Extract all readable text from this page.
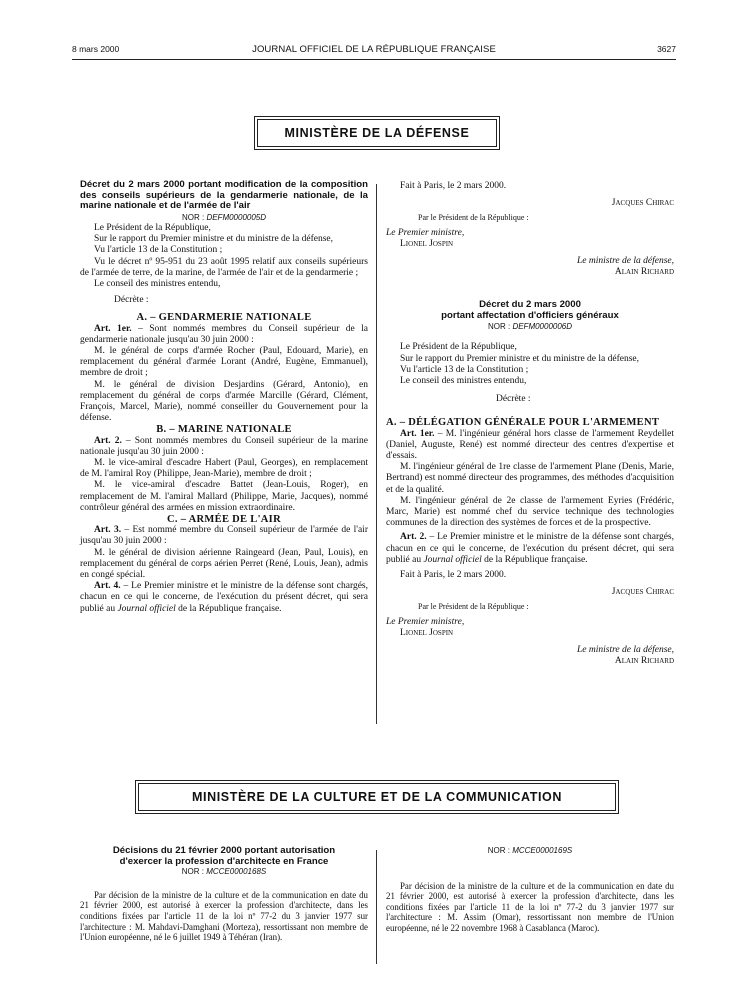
8 mars 2000	JOURNAL OFFICIEL DE LA RÉPUBLIQUE FRANÇAISE	3627
MINISTÈRE DE LA DÉFENSE

Décret du 2 mars 2000 portant modification de la composition des conseils supérieurs de la gendarmerie nationale, de la marine nationale et de l'armée de l'air

NOR : DEFM0000005D

Le Président de la République,

Sur le rapport du Premier ministre et du ministre de la défense,

Vu l'article 13 de la Constitution ;

Vu le décret nº 95-951 du 23 août 1995 relatif aux conseils supérieurs de l'armée de terre, de la marine, de l'armée de l'air et de la gendarmerie ;

Le conseil des ministres entendu,

Décrète :

A. – GENDARMERIE NATIONALE

Art. 1er. – Sont nommés membres du Conseil supérieur de la gendarmerie nationale jusqu'au 30 juin 2000 :

M. le général de corps d'armée Rocher (Paul, Edouard, Marie), en remplacement du général d'armée Lorant (André, Eugène, Emmanuel), membre de droit ;

M. le général de division Desjardins (Gérard, Antonio), en remplacement du général de corps d'armée Marcille (Gérard, Clément, François, Marcel, Marie), nommé conseiller du Gouvernement pour la défense.

B. – MARINE NATIONALE

Art. 2. – Sont nommés membres du Conseil supérieur de la marine nationale jusqu'au 30 juin 2000 :

M. le vice-amiral d'escadre Habert (Paul, Georges), en remplacement de M. l'amiral Roy (Philippe, Jean-Marie), membre de droit ;

M. le vice-amiral d'escadre Battet (Jean-Louis, Roger), en remplacement de M. l'amiral Mallard (Philippe, Marie, Jacques), nommé contrôleur général des armées en mission extraordinaire.

C. – ARMÉE DE L'AIR

Art. 3. – Est nommé membre du Conseil supérieur de l'armée de l'air jusqu'au 30 juin 2000 :

M. le général de division aérienne Raingeard (Jean, Paul, Louis), en remplacement du général de corps aérien Perret (René, Louis, Jean), admis en congé spécial.

Art. 4. – Le Premier ministre et le ministre de la défense sont chargés, chacun en ce qui le concerne, de l'exécution du présent décret, qui sera publié au Journal officiel de la République française.

Fait à Paris, le 2 mars 2000.

Jacques Chirac

Par le Président de la République :

Le Premier ministre,

Lionel Jospin

Le ministre de la défense,

Alain Richard

Décret du 2 mars 2000

portant affectation d'officiers généraux

NOR : DEFM0000006D

Le Président de la République,

Sur le rapport du Premier ministre et du ministre de la défense,

Vu l'article 13 de la Constitution ;

Le conseil des ministres entendu,

Décrète :

A. – DÉLÉGATION GÉNÉRALE POUR L'ARMEMENT

Art. 1er. – M. l'ingénieur général hors classe de l'armement Reydellet (Daniel, Auguste, René) est nommé directeur des centres d'expertise et d'essais.

M. l'ingénieur général de 1re classe de l'armement Plane (Denis, Marie, Bertrand) est nommé directeur des programmes, des méthodes d'acquisition et de la qualité.

M. l'ingénieur général de 2e classe de l'armement Eyries (Frédéric, Marc, Marie) est nommé chef du service technique des technologies communes de la direction des systèmes de forces et de la prospective.

Art. 2. – Le Premier ministre et le ministre de la défense sont chargés, chacun en ce qui le concerne, de l'exécution du présent décret, qui sera publié au Journal officiel de la République française.

Fait à Paris, le 2 mars 2000.

Jacques Chirac

Par le Président de la République :

Le Premier ministre,

Lionel Jospin

Le ministre de la défense,

Alain Richard

MINISTÈRE DE LA CULTURE ET DE LA COMMUNICATION

Décisions du 21 février 2000 portant autorisation d'exercer la profession d'architecte en France

NOR : MCCE0000168S

Par décision de la ministre de la culture et de la communication en date du 21 février 2000, est autorisé à exercer la profession d'architecte, dans les conditions fixées par l'article 11 de la loi nº 77-2 du 3 janvier 1977 sur l'architecture : M. Mahdavi-Damghani (Morteza), ressortissant non membre de l'Union européenne, né le 6 juillet 1949 à Téhéran (Iran).

NOR : MCCE0000169S

Par décision de la ministre de la culture et de la communication en date du 21 février 2000, est autorisé à exercer la profession d'architecte, dans les conditions fixées par l'article 11 de la loi nº 77-2 du 3 janvier 1977 sur l'architecture : M. Assim (Omar), ressortissant non membre de l'Union européenne, né le 22 novembre 1968 à Casablanca (Maroc).
